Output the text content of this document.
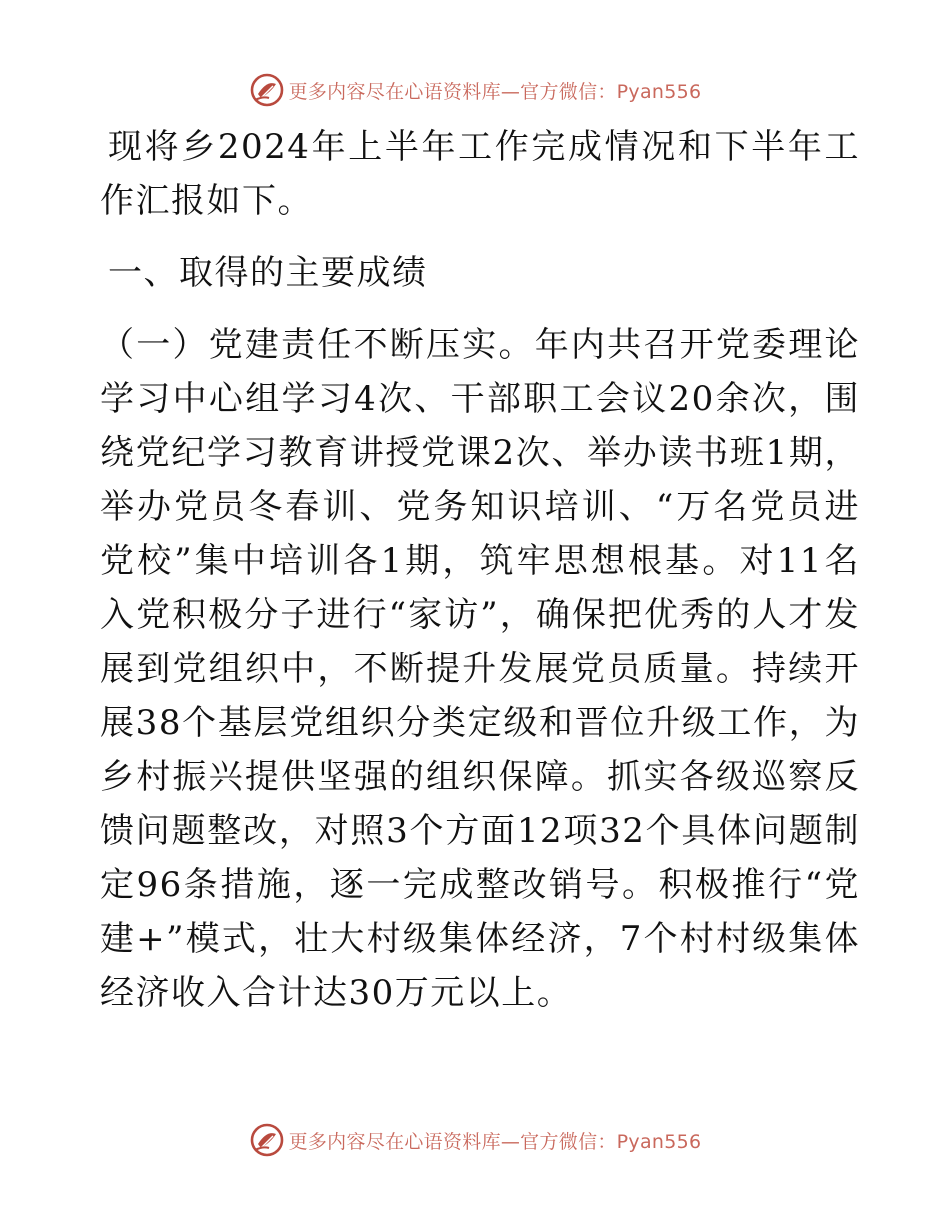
更多内容尽在心语资料库—官方微信：Pyan556

现将乡2024年上半年工作完成情况和下半年工作汇报如下。

一、取得的主要成绩

（一）党建责任不断压实。年内共召开党委理论学习中心组学习4次、干部职工会议20余次，围绕党纪学习教育讲授党课2次、举办读书班1期，举办党员冬春训、党务知识培训、“万名党员进党校”集中培训各1期，筑牢思想根基。对11名入党积极分子进行“家访”，确保把优秀的人才发展到党组织中，不断提升发展党员质量。持续开展38个基层党组织分类定级和晋位升级工作，为乡村振兴提供坚强的组织保障。抓实各级巡察反馈问题整改，对照3个方面12项32个具体问题制定96条措施，逐一完成整改销号。积极推行“党建+”模式，壮大村级集体经济，7个村村级集体经济收入合计达30万元以上。

更多内容尽在心语资料库—官方微信：Pyan556
